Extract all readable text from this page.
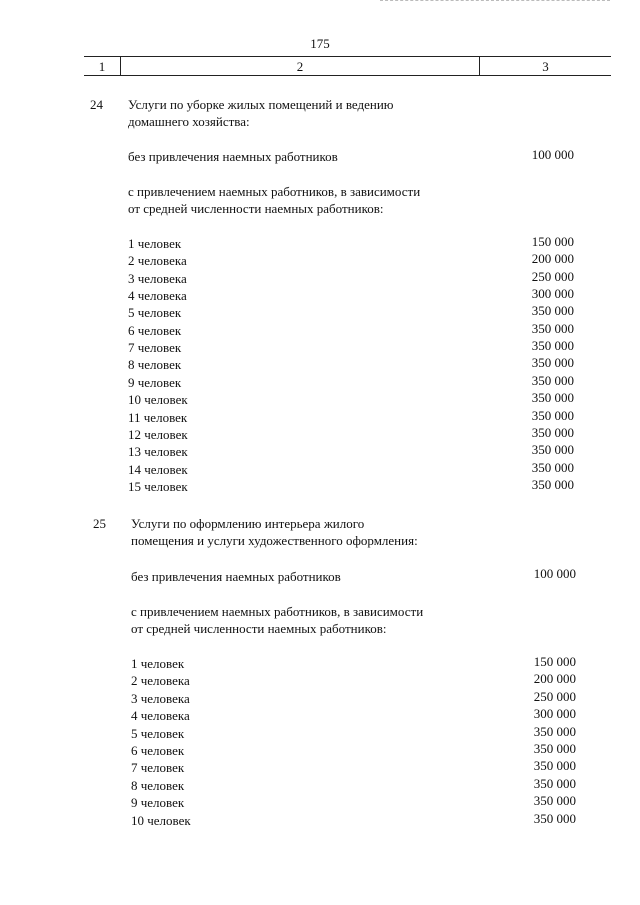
175
1	2	3
24 Услуги по уборке жилых помещений и ведению
домашнего хозяйства:
без привлечения наемных работников	100 000
с привлечением наемных работников, в зависимости
от средней численности наемных работников:
1 человек	150 000
2 человека	200 000
3 человека	250 000
4 человека	300 000
5 человек	350 000
6 человек	350 000
7 человек	350 000
8 человек	350 000
9 человек	350 000
10 человек	350 000
11 человек	350 000
12 человек	350 000
13 человек	350 000
14 человек	350 000
15 человек	350 000
25 Услуги по оформлению интерьера жилого
помещения и услуги художественного оформления:
без привлечения наемных работников	100 000
с привлечением наемных работников, в зависимости
от средней численности наемных работников:
1 человек	150 000
2 человека	200 000
3 человека	250 000
4 человека	300 000
5 человек	350 000
6 человек	350 000
7 человек	350 000
8 человек	350 000
9 человек	350 000
10 человек	350 000
